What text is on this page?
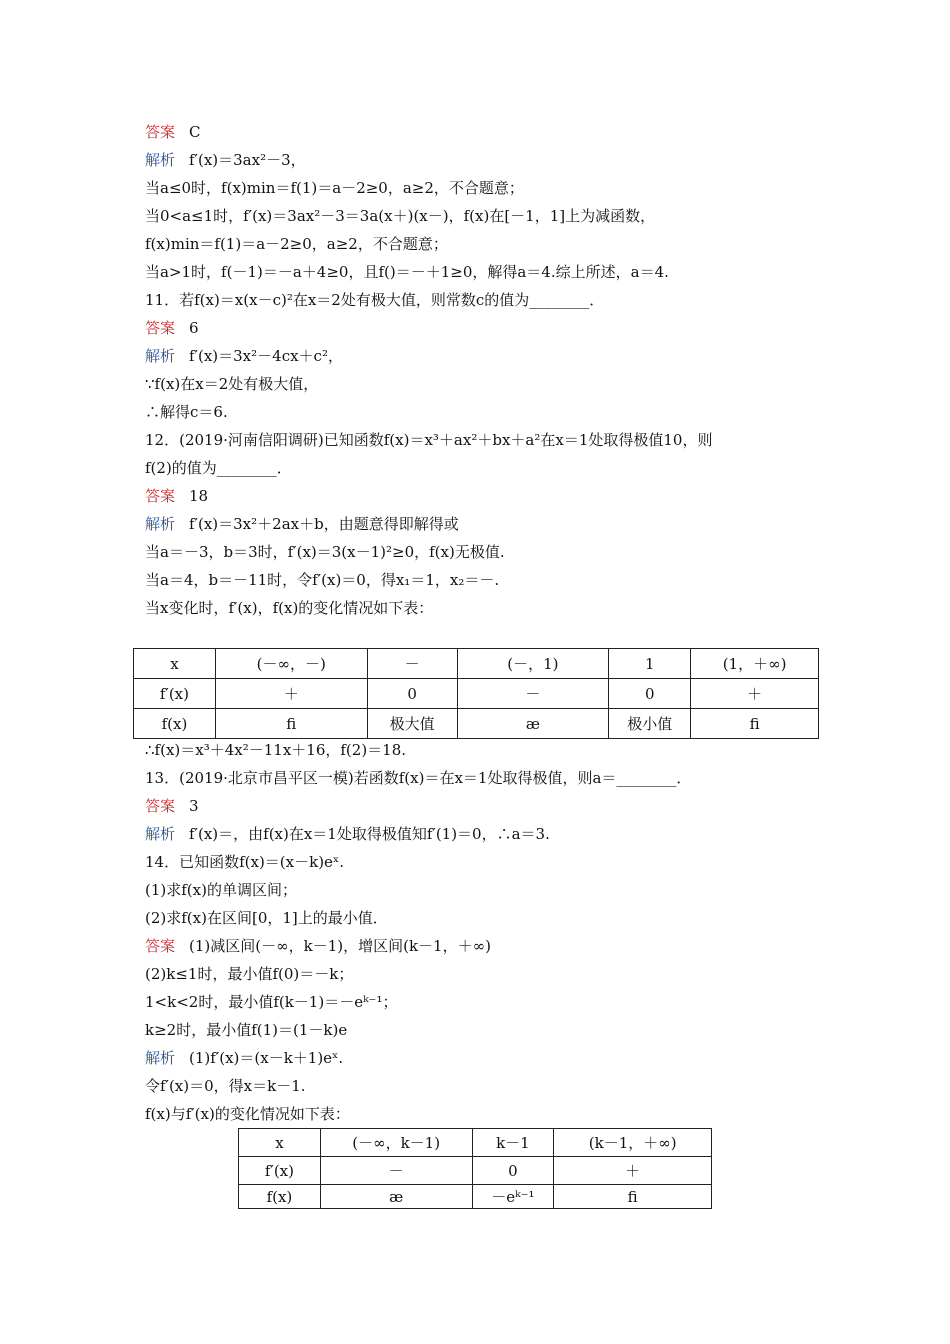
答案 C
解析 f′(x)＝3ax²－3，
当a≤0时，f(x)min＝f(1)＝a－2≥0，a≥2，不合题意；
当0<a≤1时，f′(x)＝3ax²－3＝3a(x＋)(x－)，f(x)在[－1，1]上为减函数，
f(x)min＝f(1)＝a－2≥0，a≥2，不合题意；
当a>1时，f(－1)＝－a＋4≥0，且f()＝－＋1≥0，解得a＝4.综上所述，a＝4.
11．若f(x)＝x(x－c)²在x＝2处有极大值，则常数c的值为________．
答案 6
解析 f′(x)＝3x²－4cx＋c²，
∵f(x)在x＝2处有极大值，
∴解得c＝6.
12．(2019·河南信阳调研)已知函数f(x)＝x³＋ax²＋bx＋a²在x＝1处取得极值10，则
f(2)的值为________．
答案 18
解析 f′(x)＝3x²＋2ax＋b，由题意得即解得或
当a＝－3，b＝3时，f′(x)＝3(x－1)²≥0，f(x)无极值.
当a＝4，b＝－11时，令f′(x)＝0，得x₁＝1，x₂＝－.
当x变化时，f′(x)，f(x)的变化情况如下表：
x	(－∞，－)	－	(－，1)	1	(1，＋∞)
f′(x)	＋	0	－	0	＋
f(x)	ﬁ	极大值	æ	极小值	ﬁ
∴f(x)＝x³＋4x²－11x＋16，f(2)＝18.
13．(2019·北京市昌平区一模)若函数f(x)＝在x＝1处取得极值，则a＝________．
答案 3
解析 f′(x)＝，由f(x)在x＝1处取得极值知f′(1)＝0，∴a＝3.
14．已知函数f(x)＝(x－k)eˣ.
(1)求f(x)的单调区间；
(2)求f(x)在区间[0，1]上的最小值．
答案 (1)减区间(－∞，k－1)，增区间(k－1，＋∞)
(2)k≤1时，最小值f(0)＝－k；
1<k<2时，最小值f(k－1)＝－eᵏ⁻¹；
k≥2时，最小值f(1)＝(1－k)e
解析 (1)f′(x)＝(x－k＋1)eˣ.
令f′(x)＝0，得x＝k－1.
f(x)与f′(x)的变化情况如下表：
x	(－∞，k－1)	k－1	(k－1，＋∞)
f′(x)	－	0	＋
f(x)	æ	－eᵏ⁻¹	ﬁ
